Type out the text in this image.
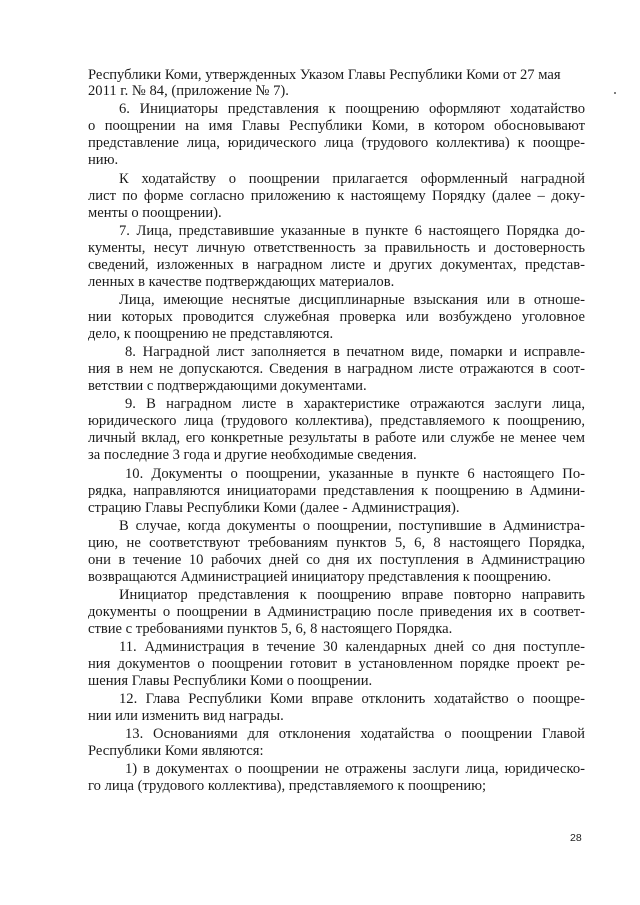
Республики Коми, утвержденных Указом Главы Республики Коми от 27 мая
2011 г. № 84, (приложение № 7).
6. Инициаторы представления к поощрению оформляют ходатайство
о поощрении на имя Главы Республики Коми, в котором обосновывают
представление лица, юридического лица (трудового коллектива) к поощре-
нию.
К ходатайству о поощрении прилагается оформленный наградной
лист по форме согласно приложению к настоящему Порядку (далее – доку-
менты о поощрении).
7. Лица, представившие указанные в пункте 6 настоящего Порядка до-
кументы, несут личную ответственность за правильность и достоверность
сведений, изложенных в наградном листе и других документах, представ-
ленных в качестве подтверждающих материалов.
Лица, имеющие неснятые дисциплинарные взыскания или в отноше-
нии которых проводится служебная проверка или возбуждено уголовное
дело, к поощрению не представляются.
8. Наградной лист заполняется в печатном виде, помарки и исправле-
ния в нем не допускаются. Сведения в наградном листе отражаются в соот-
ветствии с подтверждающими документами.
9. В наградном листе в характеристике отражаются заслуги лица,
юридического лица (трудового коллектива), представляемого к поощрению,
личный вклад, его конкретные результаты в работе или службе не менее чем
за последние 3 года и другие необходимые сведения.
10. Документы о поощрении, указанные в пункте 6 настоящего По-
рядка, направляются инициаторами представления к поощрению в Админи-
страцию Главы Республики Коми (далее - Администрация).
В случае, когда документы о поощрении, поступившие в Администра-
цию, не соответствуют требованиям пунктов 5, 6, 8 настоящего Порядка,
они в течение 10 рабочих дней со дня их поступления в Администрацию
возвращаются Администрацией инициатору представления к поощрению.
Инициатор представления к поощрению вправе повторно направить
документы о поощрении в Администрацию после приведения их в соответ-
ствие с требованиями пунктов 5, 6, 8 настоящего Порядка.
11. Администрация в течение 30 календарных дней со дня поступле-
ния документов о поощрении готовит в установленном порядке проект ре-
шения Главы Республики Коми о поощрении.
12. Глава Республики Коми вправе отклонить ходатайство о поощре-
нии или изменить вид награды.
13. Основаниями для отклонения ходатайства о поощрении Главой
Республики Коми являются:
1) в документах о поощрении не отражены заслуги лица, юридическо-
го лица (трудового коллектива), представляемого к поощрению;
28
